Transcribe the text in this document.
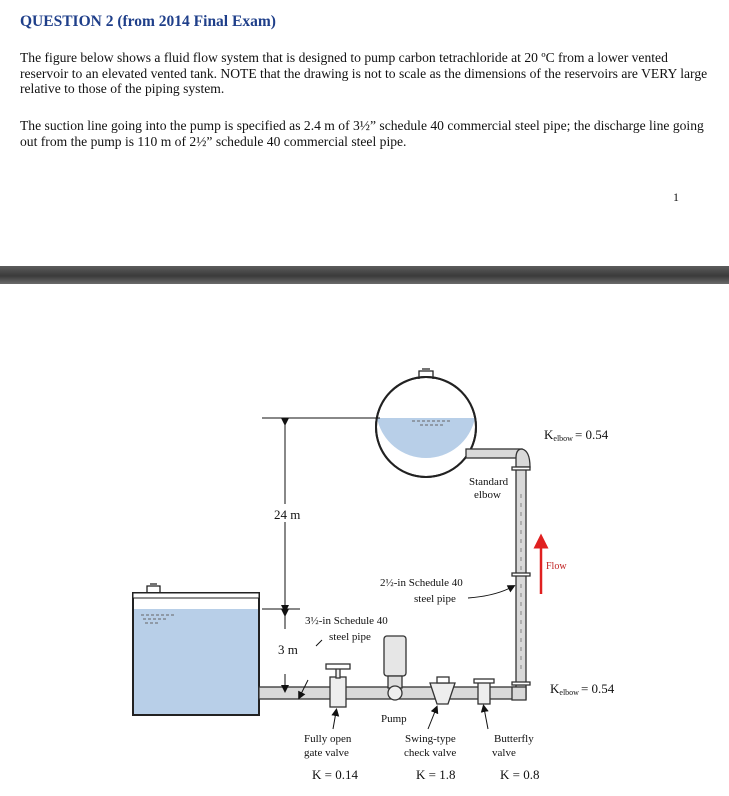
QUESTION 2 (from 2014 Final Exam)

The figure below shows a fluid flow system that is designed to pump carbon tetrachloride at 20 ºC from a lower vented reservoir to an elevated vented tank. NOTE that the drawing is not to scale as the dimensions of the reservoirs are VERY large relative to those of the piping system.

The suction line going into the pump is specified as 2.4 m of 3½” schedule 40 commercial steel pipe; the discharge line going out from the pump is 110 m of 2½” schedule 40 commercial steel pipe.

1
24 m
3 m
Standard
elbow
Kelbow = 0.54
Flow
2½-in Schedule 40
steel pipe
3½-in Schedule 40
steel pipe
Kelbow = 0.54
Pump
Fully open
gate valve
Swing-type
check valve
Butterfly
valve
K = 0.14	K = 1.8	K = 0.8
